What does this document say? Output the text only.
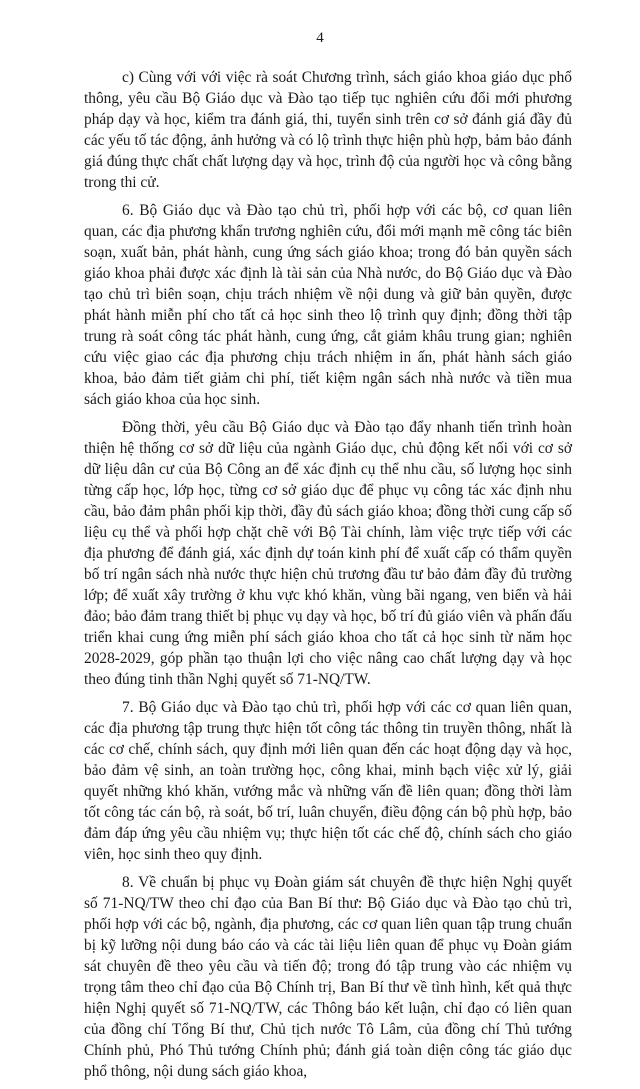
4

c) Cùng với với việc rà soát Chương trình, sách giáo khoa giáo dục phổ thông, yêu cầu Bộ Giáo dục và Đào tạo tiếp tục nghiên cứu đổi mới phương pháp dạy và học, kiểm tra đánh giá, thi, tuyển sinh trên cơ sở đánh giá đầy đủ các yếu tố tác động, ảnh hưởng và có lộ trình thực hiện phù hợp, bảm bảo đánh giá đúng thực chất chất lượng dạy và học, trình độ của người học và công bằng trong thi cử.

6. Bộ Giáo dục và Đào tạo chủ trì, phối hợp với các bộ, cơ quan liên quan, các địa phương khẩn trương nghiên cứu, đổi mới mạnh mẽ công tác biên soạn, xuất bản, phát hành, cung ứng sách giáo khoa; trong đó bản quyền sách giáo khoa phải được xác định là tài sản của Nhà nước, do Bộ Giáo dục và Đào tạo chủ trì biên soạn, chịu trách nhiệm về nội dung và giữ bản quyền, được phát hành miễn phí cho tất cả học sinh theo lộ trình quy định; đồng thời tập trung rà soát công tác phát hành, cung ứng, cắt giảm khâu trung gian; nghiên cứu việc giao các địa phương chịu trách nhiệm in ấn, phát hành sách giáo khoa, bảo đảm tiết giảm chi phí, tiết kiệm ngân sách nhà nước và tiền mua sách giáo khoa của học sinh.

Đồng thời, yêu cầu Bộ Giáo dục và Đào tạo đẩy nhanh tiến trình hoàn thiện hệ thống cơ sở dữ liệu của ngành Giáo dục, chủ động kết nối với cơ sở dữ liệu dân cư của Bộ Công an để xác định cụ thể nhu cầu, số lượng học sinh từng cấp học, lớp học, từng cơ sở giáo dục để phục vụ công tác xác định nhu cầu, bảo đảm phân phối kịp thời, đầy đủ sách giáo khoa; đồng thời cung cấp số liệu cụ thể và phối hợp chặt chẽ với Bộ Tài chính, làm việc trực tiếp với các địa phương để đánh giá, xác định dự toán kinh phí để xuất cấp có thẩm quyền bố trí ngân sách nhà nước thực hiện chủ trương đầu tư bảo đảm đầy đủ trường lớp; để xuất xây trường ở khu vực khó khăn, vùng bãi ngang, ven biển và hải đảo; bảo đảm trang thiết bị phục vụ dạy và học, bố trí đủ giáo viên và phấn đấu triển khai cung ứng miễn phí sách giáo khoa cho tất cả học sinh từ năm học 2028-2029, góp phần tạo thuận lợi cho việc nâng cao chất lượng dạy và học theo đúng tinh thần Nghị quyết số 71-NQ/TW.

7. Bộ Giáo dục và Đào tạo chủ trì, phối hợp với các cơ quan liên quan, các địa phương tập trung thực hiện tốt công tác thông tin truyền thông, nhất là các cơ chế, chính sách, quy định mới liên quan đến các hoạt động dạy và học, bảo đảm vệ sinh, an toàn trường học, công khai, minh bạch việc xử lý, giải quyết những khó khăn, vướng mắc và những vấn đề liên quan; đồng thời làm tốt công tác cán bộ, rà soát, bố trí, luân chuyển, điều động cán bộ phù hợp, bảo đảm đáp ứng yêu cầu nhiệm vụ; thực hiện tốt các chế độ, chính sách cho giáo viên, học sinh theo quy định.

8. Về chuẩn bị phục vụ Đoàn giám sát chuyên đề thực hiện Nghị quyết số 71-NQ/TW theo chỉ đạo của Ban Bí thư: Bộ Giáo dục và Đào tạo chủ trì, phối hợp với các bộ, ngành, địa phương, các cơ quan liên quan tập trung chuẩn bị kỹ lưỡng nội dung báo cáo và các tài liệu liên quan để phục vụ Đoàn giám sát chuyên đề theo yêu cầu và tiến độ; trong đó tập trung vào các nhiệm vụ trọng tâm theo chỉ đạo của Bộ Chính trị, Ban Bí thư về tình hình, kết quả thực hiện Nghị quyết số 71-NQ/TW, các Thông báo kết luận, chỉ đạo có liên quan của đồng chí Tổng Bí thư, Chủ tịch nước Tô Lâm, của đồng chí Thủ tướng Chính phủ, Phó Thủ tướng Chính phủ; đánh giá toàn diện công tác giáo dục phổ thông, nội dung sách giáo khoa,
